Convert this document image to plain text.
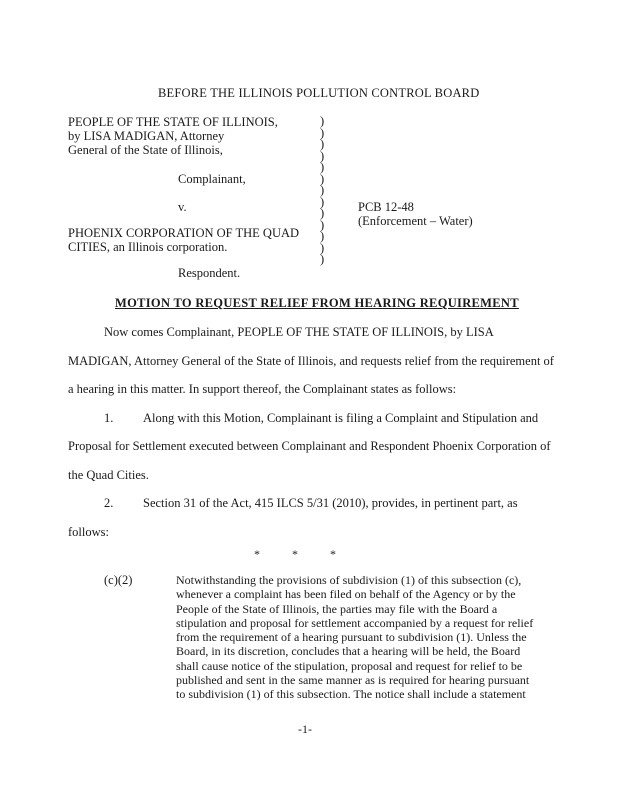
BEFORE THE ILLINOIS POLLUTION CONTROL BOARD
PEOPLE OF THE STATE OF ILLINOIS,
by LISA MADIGAN, Attorney
General of the State of Illinois,
Complainant,
v.
PHOENIX CORPORATION OF THE QUAD
CITIES, an Illinois corporation.
Respondent.
)
)
)
)
)
)
)
)
)
)
)
)
)
PCB 12-48
(Enforcement – Water)
MOTION TO REQUEST RELIEF FROM HEARING REQUIREMENT
Now comes Complainant, PEOPLE OF THE STATE OF ILLINOIS, by LISA
MADIGAN, Attorney General of the State of Illinois, and requests relief from the requirement of
a hearing in this matter. In support thereof, the Complainant states as follows:
1. Along with this Motion, Complainant is filing a Complaint and Stipulation and
Proposal for Settlement executed between Complainant and Respondent Phoenix Corporation of
the Quad Cities.
2. Section 31 of the Act, 415 ILCS 5/31 (2010), provides, in pertinent part, as
follows:
*	*	*
(c)(2)	Notwithstanding the provisions of subdivision (1) of this subsection (c),
whenever a complaint has been filed on behalf of the Agency or by the
People of the State of Illinois, the parties may file with the Board a
stipulation and proposal for settlement accompanied by a request for relief
from the requirement of a hearing pursuant to subdivision (1). Unless the
Board, in its discretion, concludes that a hearing will be held, the Board
shall cause notice of the stipulation, proposal and request for relief to be
published and sent in the same manner as is required for hearing pursuant
to subdivision (1) of this subsection. The notice shall include a statement
-1-
